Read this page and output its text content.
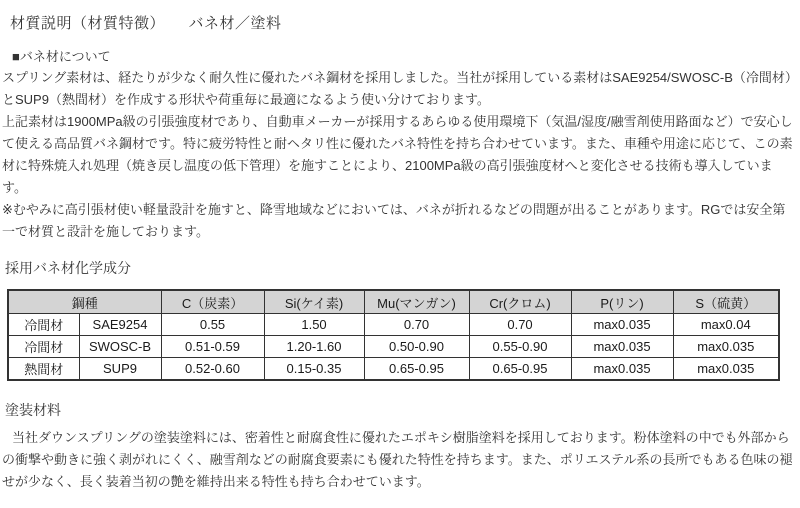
材質説明（材質特徴）　　バネ材／塗料
■バネ材について

スプリング素材は、経たりが少なく耐久性に優れたバネ鋼材を採用しました。当社が採用している素材はSAE9254/SWOSC-B（冷間材）とSUP9（熱間材）を作成する形状や荷重毎に最適になるよう使い分けております。

上記素材は1900MPa級の引張強度材であり、自動車メーカーが採用するあらゆる使用環境下（気温/湿度/融雪剤使用路面など）で安心して使える高品質バネ鋼材です。特に疲労特性と耐ヘタリ性に優れたバネ特性を持ち合わせています。また、車種や用途に応じて、この素材に特殊焼入れ処理（焼き戻し温度の低下管理）を施すことにより、2100MPa級の高引張強度材へと変化させる技術も導入しています。

※むやみに高引張材使い軽量設計を施すと、降雪地域などにおいては、バネが折れるなどの問題が出ることがあります。RGでは安全第一で材質と設計を施しております。

採用バネ材化学成分
鋼種		C（炭素）	Si(ケイ素)	Mu(マンガン)	Cr(クロム)	P(リン)	S（硫黄）
冷間材	SAE9254	0.55	1.50	0.70	0.70	max0.035	max0.04
冷間材	SWOSC-B	0.51-0.59	1.20-1.60	0.50-0.90	0.55-0.90	max0.035	max0.035
熱間材	SUP9	0.52-0.60	0.15-0.35	0.65-0.95	0.65-0.95	max0.035	max0.035
塗装材料

当社ダウンスプリングの塗装塗料には、密着性と耐腐食性に優れたエポキシ樹脂塗料を採用しております。粉体塗料の中でも外部からの衝撃や動きに強く剥がれにくく、融雪剤などの耐腐食要素にも優れた特性を持ちます。また、ポリエステル系の長所でもある色味の褪せが少なく、長く装着当初の艶を維持出来る特性も持ち合わせています。
